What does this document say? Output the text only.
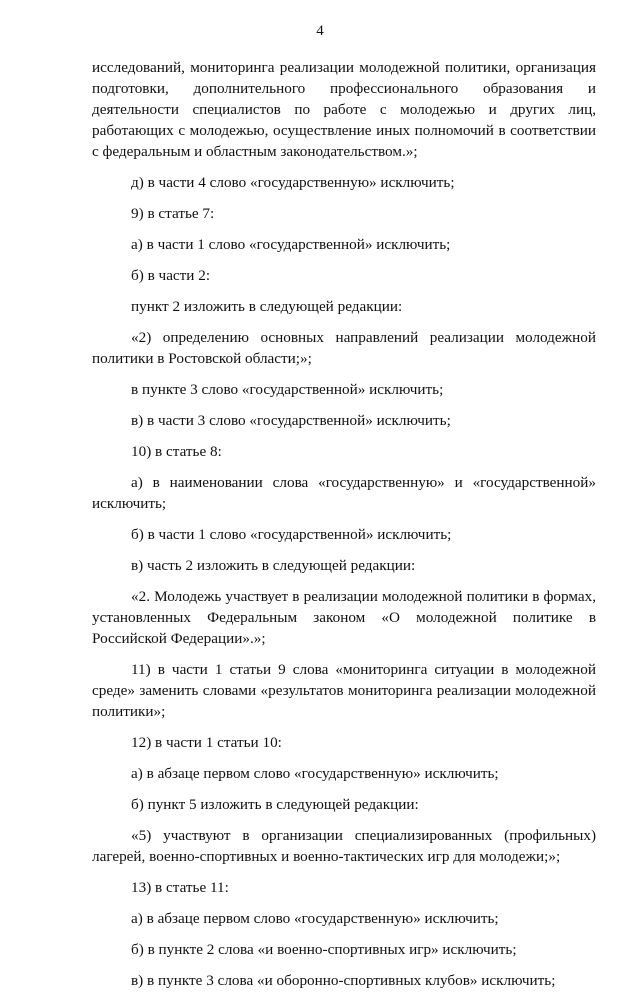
4

исследований, мониторинга реализации молодежной политики, организация подготовки, дополнительного профессионального образования и деятельности специалистов по работе с молодежью и других лиц, работающих с молодежью, осуществление иных полномочий в соответствии с федеральным и областным законодательством.»;

д) в части 4 слово «государственную» исключить;

9) в статье 7:

а) в части 1 слово «государственной» исключить;

б) в части 2:

пункт 2 изложить в следующей редакции:

«2) определению основных направлений реализации молодежной политики в Ростовской области;»;

в пункте 3 слово «государственной» исключить;

в) в части 3 слово «государственной» исключить;

10) в статье 8:

а) в наименовании слова «государственную» и «государственной» исключить;

б) в части 1 слово «государственной» исключить;

в) часть 2 изложить в следующей редакции:

«2. Молодежь участвует в реализации молодежной политики в формах, установленных Федеральным законом «О молодежной политике в Российской Федерации».»;

11) в части 1 статьи 9 слова «мониторинга ситуации в молодежной среде» заменить словами «результатов мониторинга реализации молодежной политики»;

12) в части 1 статьи 10:

а) в абзаце первом слово «государственную» исключить;

б) пункт 5 изложить в следующей редакции:

«5) участвуют в организации специализированных (профильных) лагерей, военно-спортивных и военно-тактических игр для молодежи;»;

13) в статье 11:

а) в абзаце первом слово «государственную» исключить;

б) в пункте 2 слова «и военно-спортивных игр» исключить;

в) в пункте 3 слова «и оборонно-спортивных клубов» исключить;
